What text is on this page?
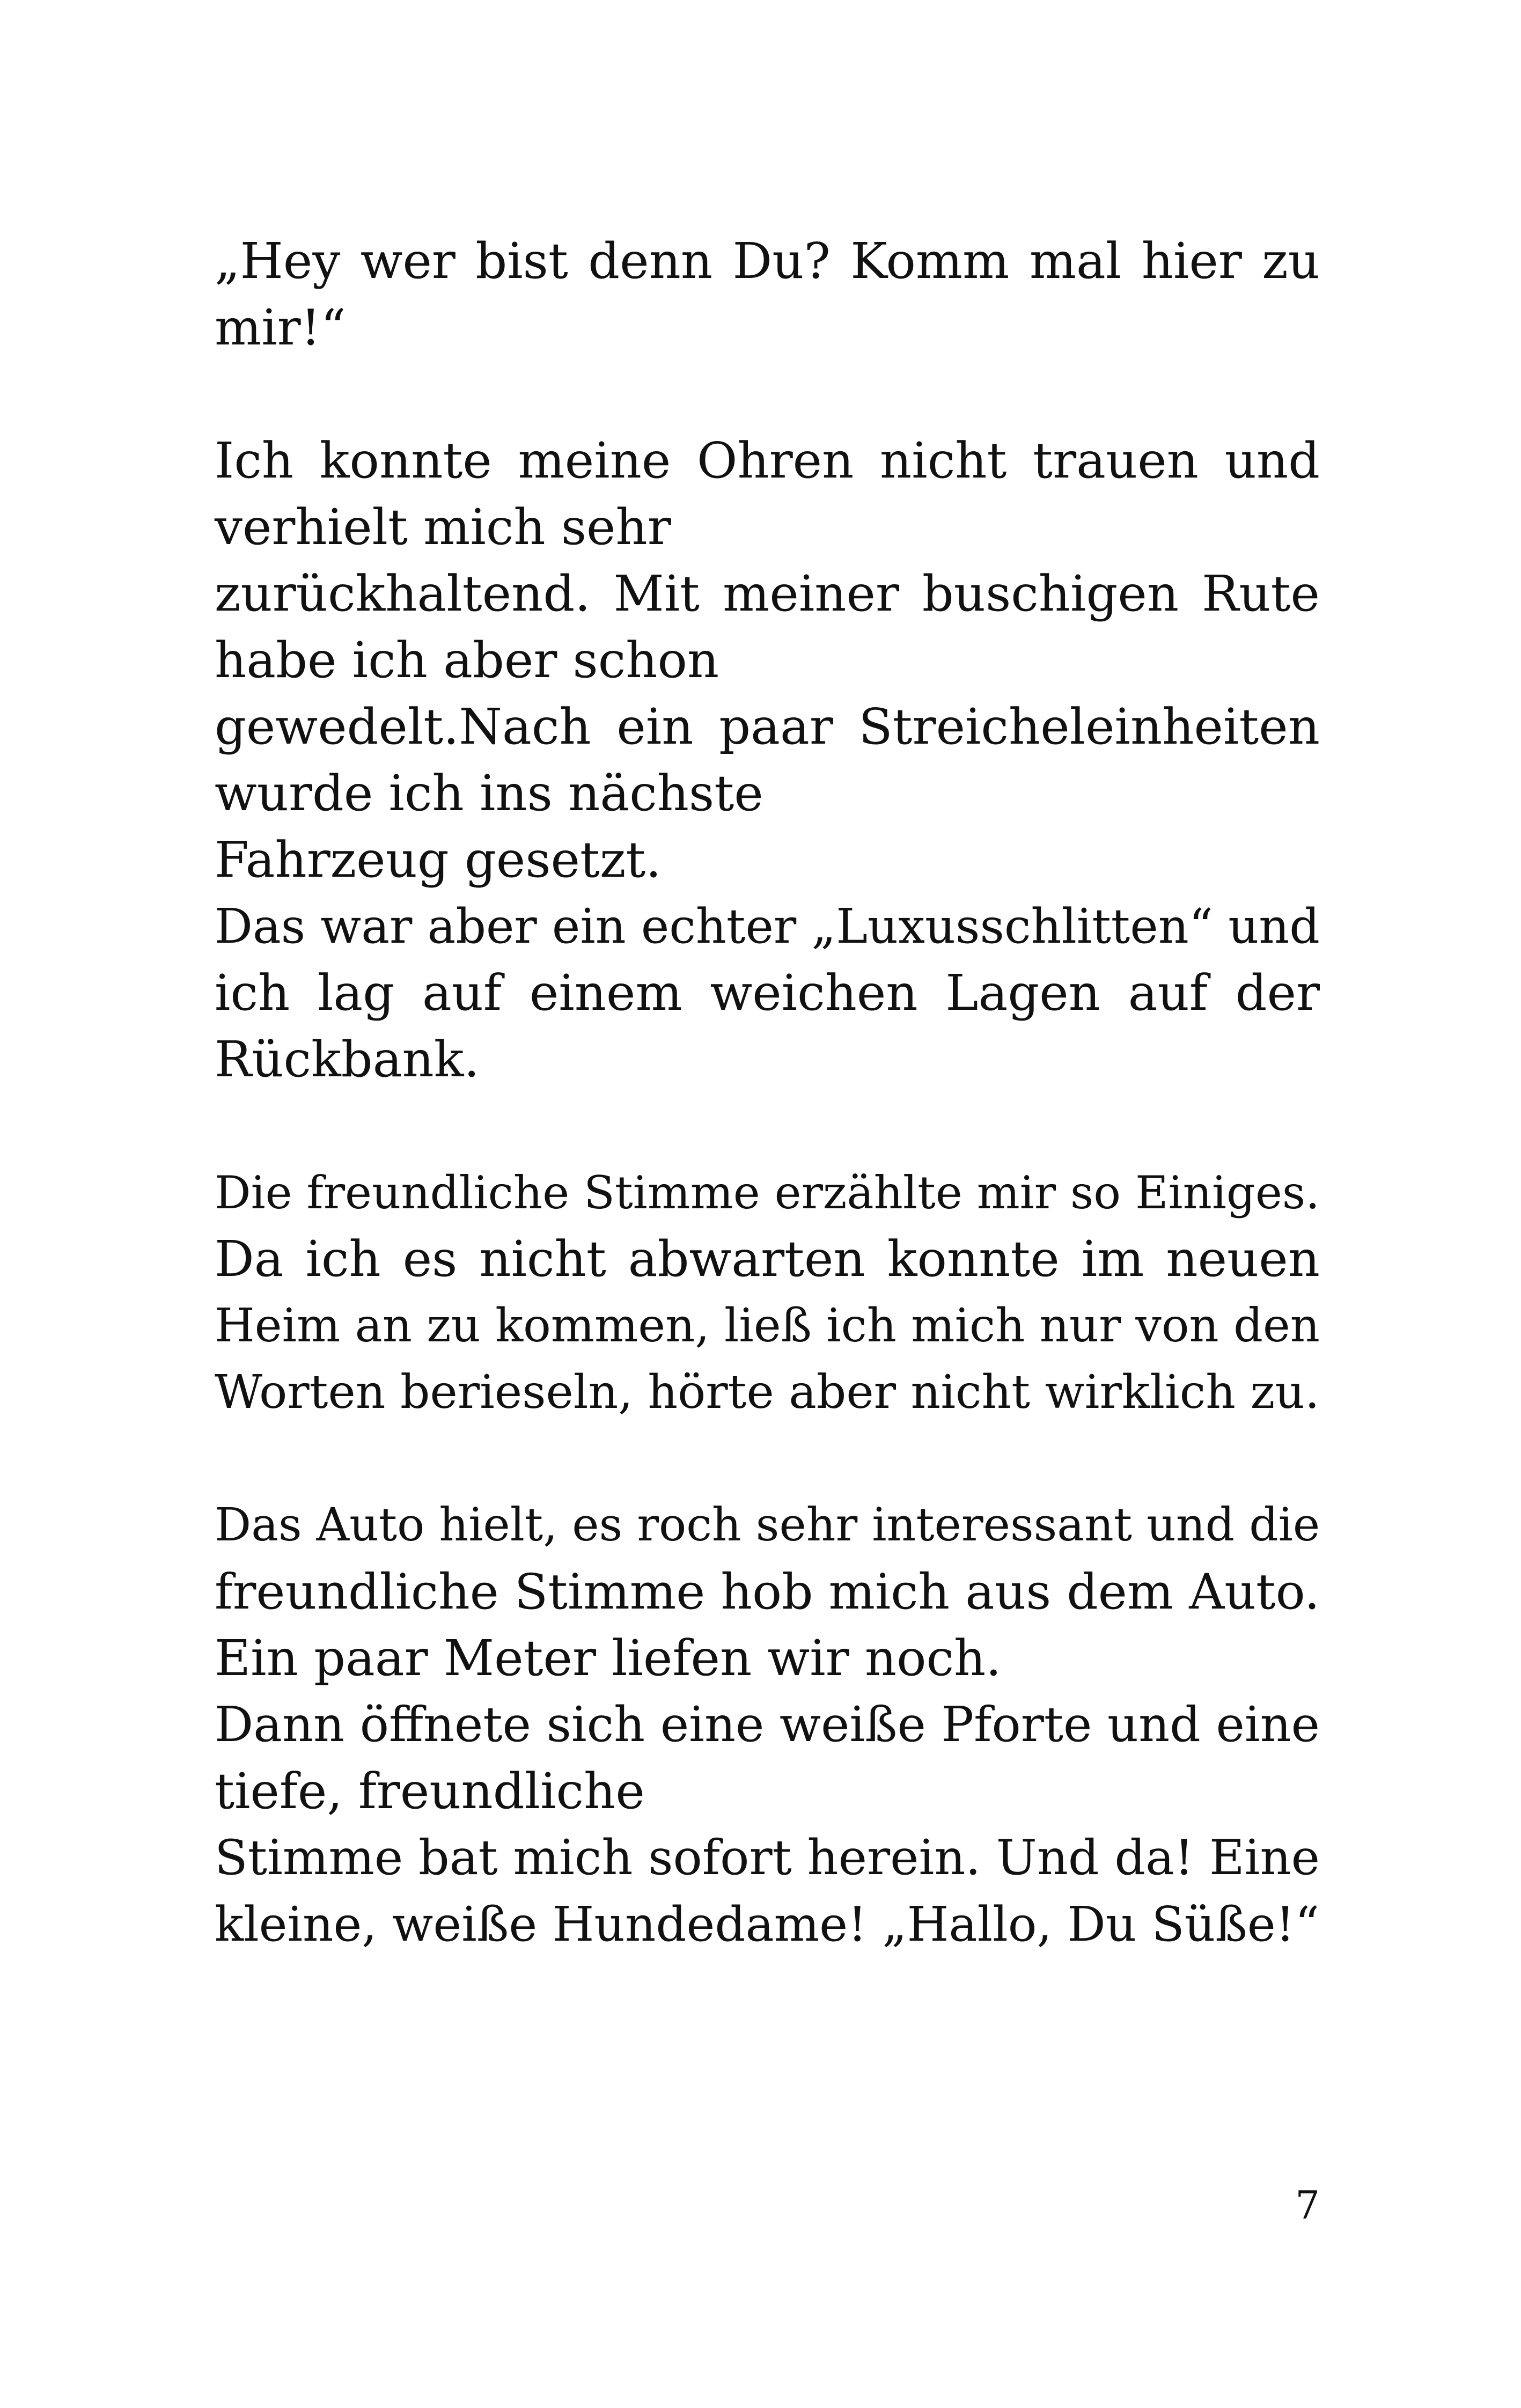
„Hey wer bist denn Du? Komm mal hier zu
mir!“
Ich konnte meine Ohren nicht trauen und
verhielt mich sehr
zurückhaltend. Mit meiner buschigen Rute
habe ich aber schon
gewedelt.Nach ein paar Streicheleinheiten
wurde ich ins nächste
Fahrzeug gesetzt.
Das war aber ein echter „Luxusschlitten“ und
ich lag auf einem weichen Lagen auf der
Rückbank.
Die freundliche Stimme erzählte mir so Einiges.
Da ich es nicht abwarten konnte im neuen
Heim an zu kommen, ließ ich mich nur von den
Worten berieseln, hörte aber nicht wirklich zu.
Das Auto hielt, es roch sehr interessant und die
freundliche Stimme hob mich aus dem Auto.
Ein paar Meter liefen wir noch.
Dann öffnete sich eine weiße Pforte und eine
tiefe, freundliche
Stimme bat mich sofort herein. Und da! Eine
kleine, weiße Hundedame! „Hallo, Du Süße!“
7
